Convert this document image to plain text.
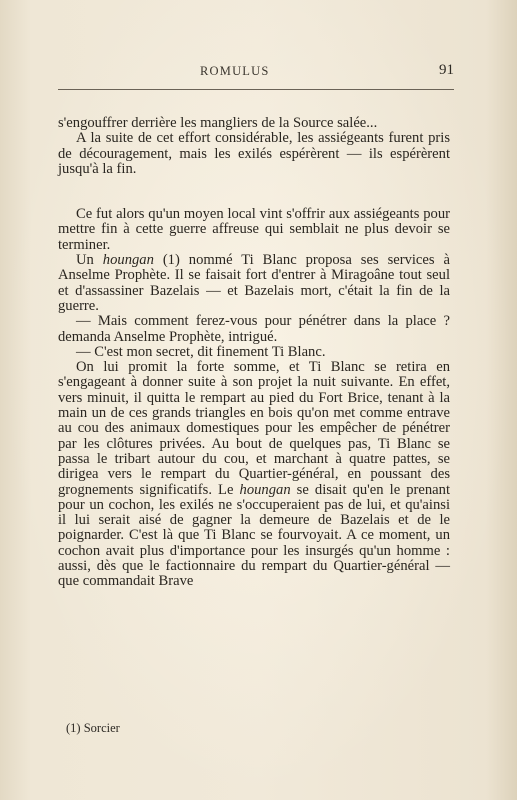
ROMULUS	91

s'engouffrer derrière les mangliers de la Source salée...

A la suite de cet effort considérable, les assiégeants furent pris de découragement, mais les exilés espérèrent — ils espérèrent jusqu'à la fin.

Ce fut alors qu'un moyen local vint s'offrir aux assiégeants pour mettre fin à cette guerre affreuse qui semblait ne plus devoir se terminer.

Un houngan (1) nommé Ti Blanc proposa ses services à Anselme Prophète. Il se faisait fort d'entrer à Miragoâne tout seul et d'assassiner Bazelais — et Bazelais mort, c'était la fin de la guerre.

— Mais comment ferez-vous pour pénétrer dans la place ? demanda Anselme Prophète, intrigué.

— C'est mon secret, dit finement Ti Blanc.

On lui promit la forte somme, et Ti Blanc se retira en s'engageant à donner suite à son projet la nuit suivante. En effet, vers minuit, il quitta le rempart au pied du Fort Brice, tenant à la main un de ces grands triangles en bois qu'on met comme entrave au cou des animaux domestiques pour les empêcher de pénétrer par les clôtures privées. Au bout de quelques pas, Ti Blanc se passa le tribart autour du cou, et marchant à quatre pattes, se dirigea vers le rempart du Quartier-général, en poussant des grognements significatifs. Le houngan se disait qu'en le prenant pour un cochon, les exilés ne s'occuperaient pas de lui, et qu'ainsi il lui serait aisé de gagner la demeure de Bazelais et de le poignarder. C'est là que Ti Blanc se fourvoyait. A ce moment, un cochon avait plus d'importance pour les insurgés qu'un homme : aussi, dès que le factionnaire du rempart du Quartier-général — que commandait Brave

(1) Sorcier
